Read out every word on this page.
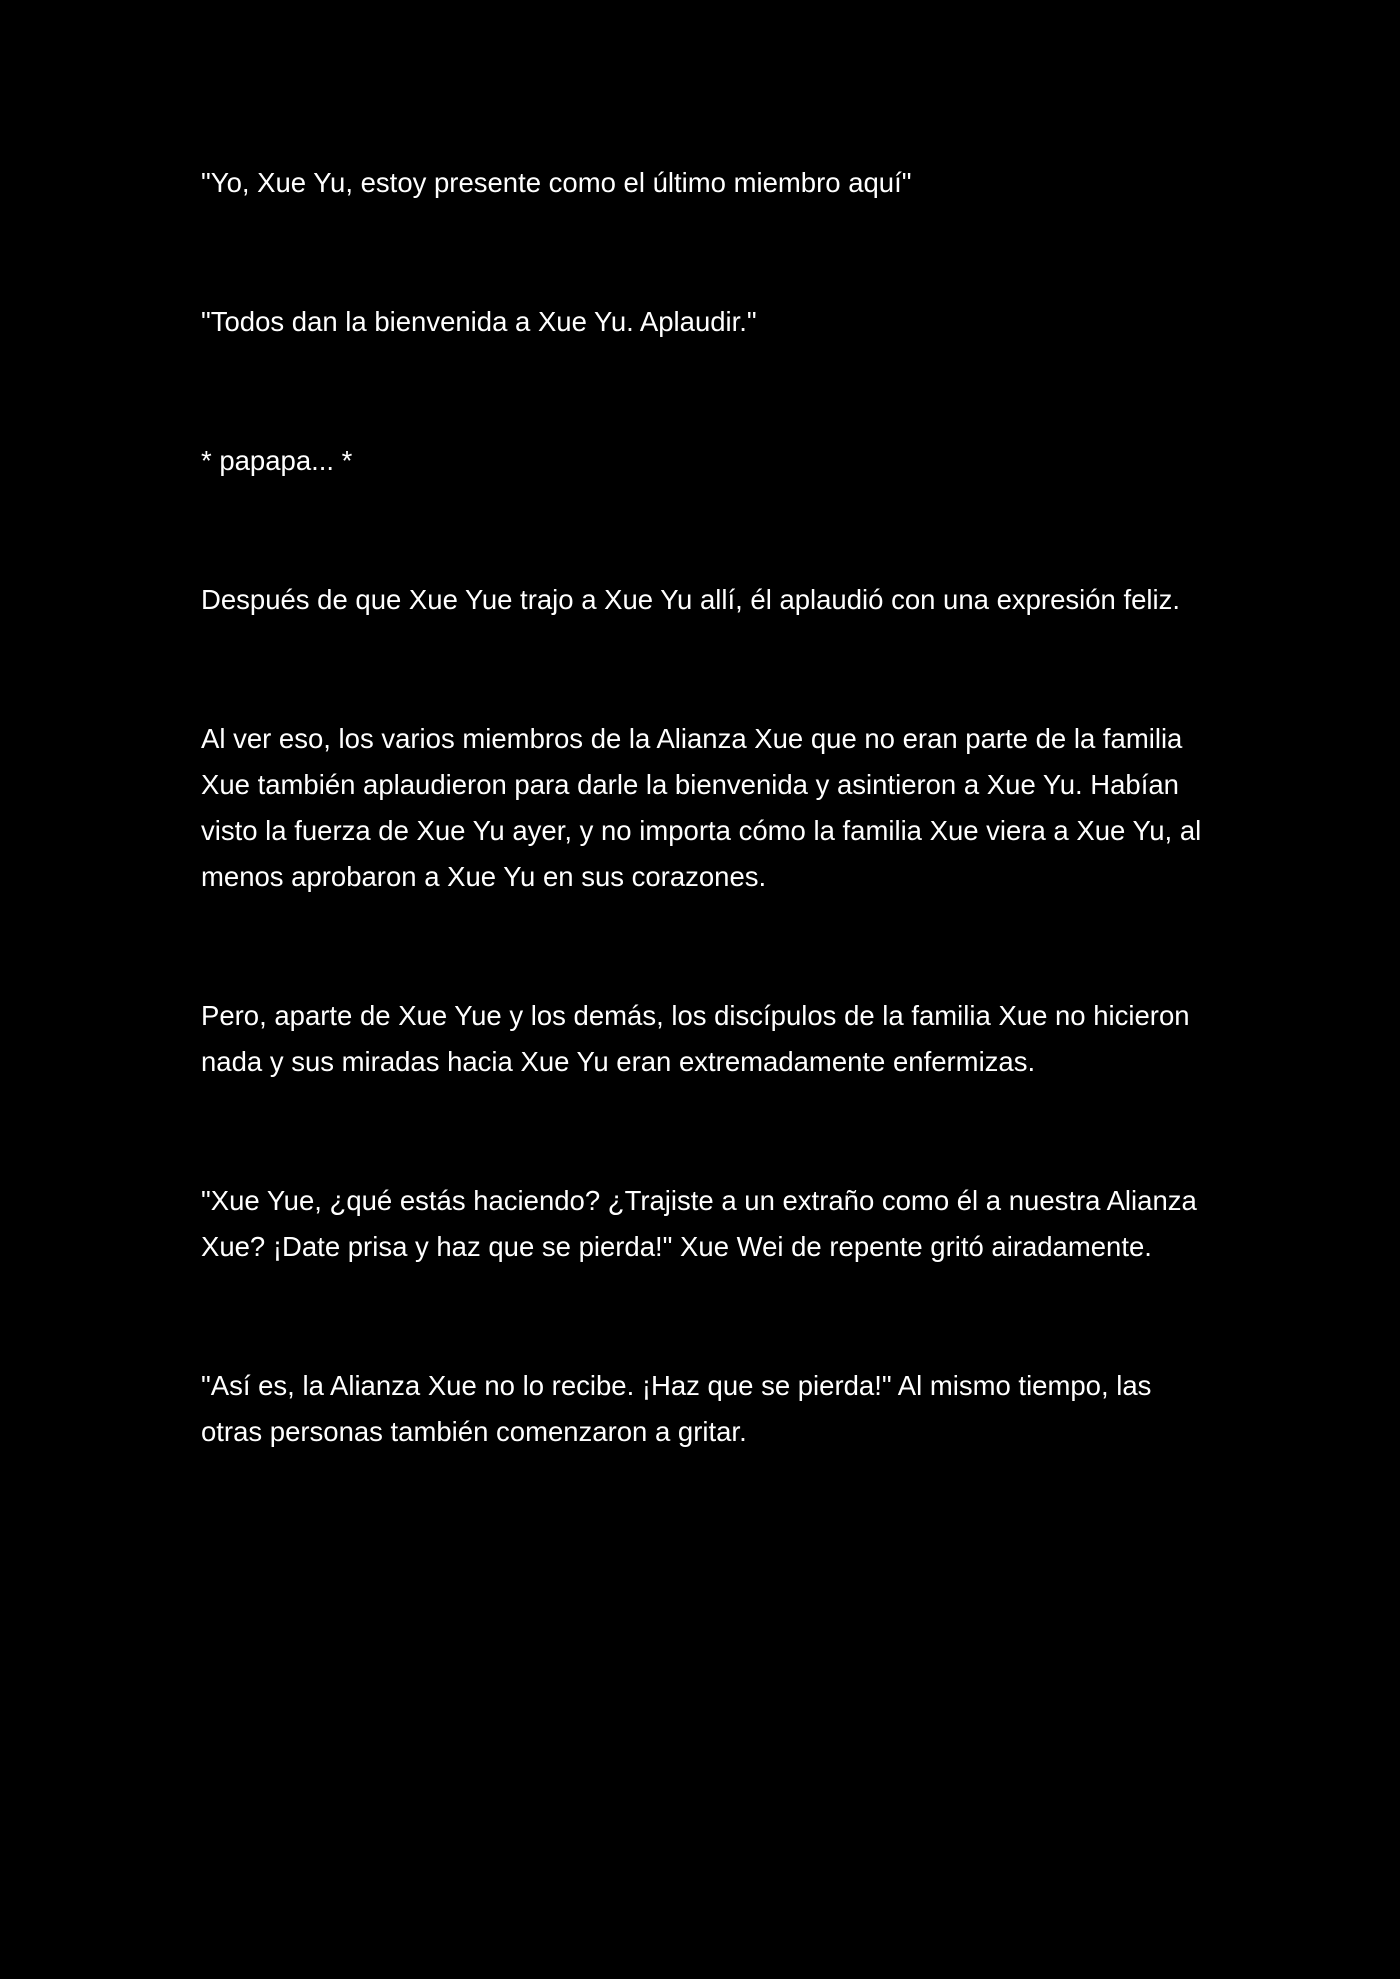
"Yo, Xue Yu, estoy presente como el último miembro aquí"

"Todos dan la bienvenida a Xue Yu. Aplaudir."

* papapa... *

Después de que Xue Yue trajo a Xue Yu allí, él aplaudió con una expresión feliz.

Al ver eso, los varios miembros de la Alianza Xue que no eran parte de la familia Xue también aplaudieron para darle la bienvenida y asintieron a Xue Yu. Habían visto la fuerza de Xue Yu ayer, y no importa cómo la familia Xue viera a Xue Yu, al menos aprobaron a Xue Yu en sus corazones.

Pero, aparte de Xue Yue y los demás, los discípulos de la familia Xue no hicieron nada y sus miradas hacia Xue Yu eran extremadamente enfermizas.

"Xue Yue, ¿qué estás haciendo? ¿Trajiste a un extraño como él a nuestra Alianza Xue? ¡Date prisa y haz que se pierda!" Xue Wei de repente gritó airadamente.

"Así es, la Alianza Xue no lo recibe. ¡Haz que se pierda!" Al mismo tiempo, las otras personas también comenzaron a gritar.
